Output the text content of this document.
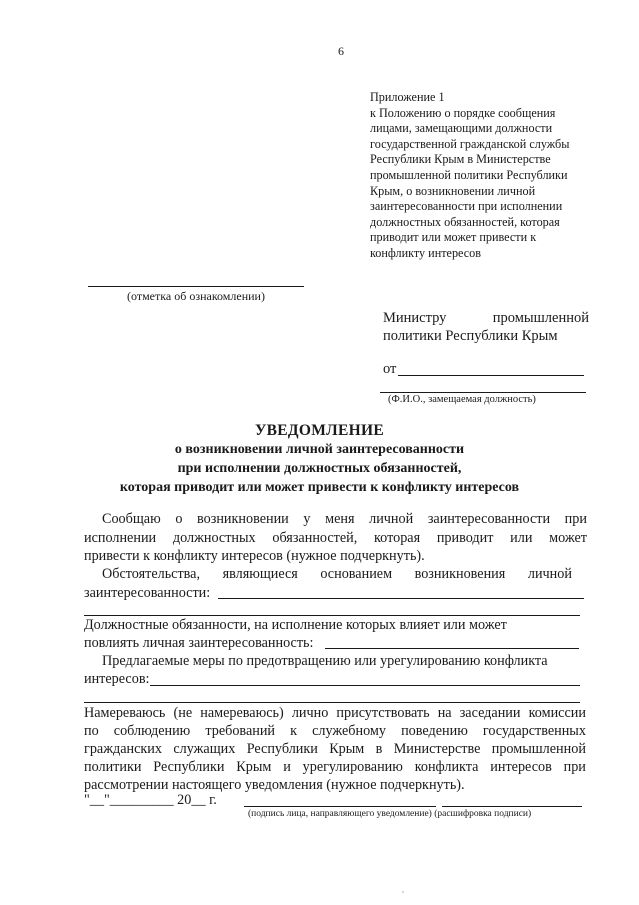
6
Приложение 1
к Положению о порядке сообщения
лицами, замещающими должности
государственной гражданской службы
Республики Крым в Министерстве
промышленной политики Республики
Крым, о возникновении личной
заинтересованности при исполнении
должностных обязанностей, которая
приводит или может привести к
конфликту интересов
(отметка об ознакомлении)
Министру	промышленной
политики Республики Крым
от
(Ф.И.О., замещаемая должность)
УВЕДОМЛЕНИЕ
о возникновении личной заинтересованности
при исполнении должностных обязанностей,
которая приводит или может привести к конфликту интересов
Сообщаю о возникновении у меня личной заинтересованности при
исполнении должностных обязанностей, которая приводит или может
привести к конфликту интересов (нужное подчеркнуть).
Обстоятельства, являющиеся основанием возникновения личной
заинтересованности:
Должностные обязанности, на исполнение которых влияет или может
повлиять личная заинтересованность:
Предлагаемые меры по предотвращению или урегулированию конфликта
интересов:
Намереваюсь (не намереваюсь) лично присутствовать на заседании комиссии
по соблюдению требований к служебному поведению государственных
гражданских служащих Республики Крым в Министерстве промышленной
политики Республики Крым и урегулированию конфликта интересов при
рассмотрении настоящего уведомления (нужное подчеркнуть).
"__"_________ 20__ г.
(подпись лица, направляющего уведомление) (расшифровка подписи)
,
